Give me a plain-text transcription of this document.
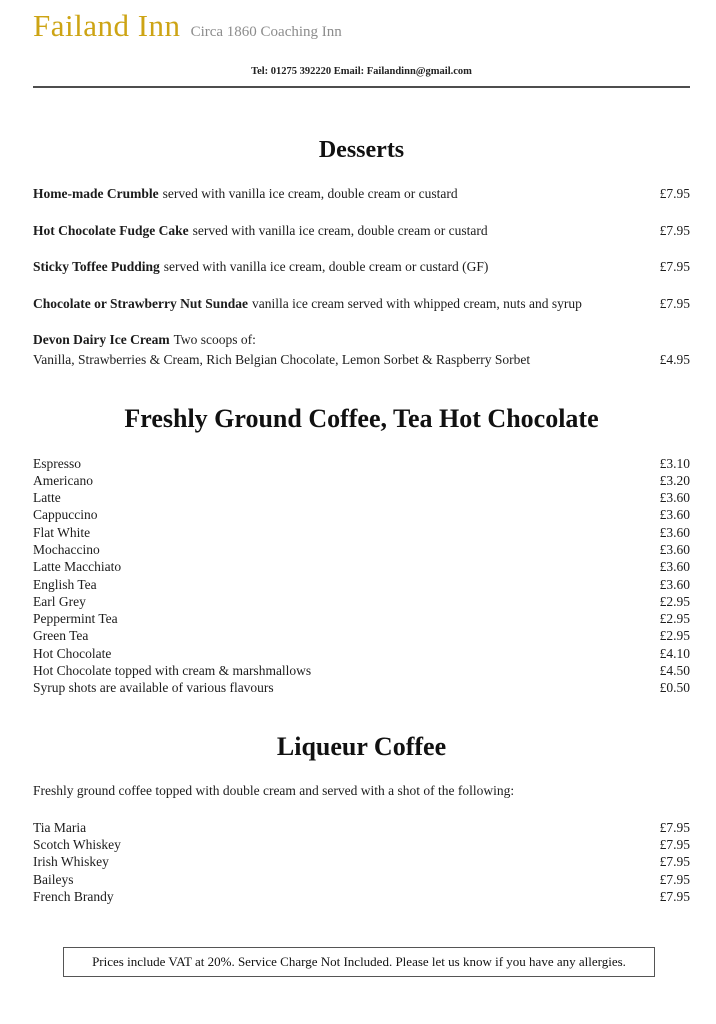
Failand Inn Circa 1860 Coaching Inn
Tel: 01275 392220 Email: Failandinn@gmail.com
Desserts
Home-made Crumble served with vanilla ice cream, double cream or custard	£7.95
Hot Chocolate Fudge Cake served with vanilla ice cream, double cream or custard	£7.95
Sticky Toffee Pudding served with vanilla ice cream, double cream or custard (GF)	£7.95
Chocolate or Strawberry Nut Sundae vanilla ice cream served with whipped cream, nuts and syrup	£7.95
Devon Dairy Ice Cream Two scoops of:
Vanilla, Strawberries & Cream, Rich Belgian Chocolate, Lemon Sorbet & Raspberry Sorbet	£4.95
Freshly Ground Coffee, Tea Hot Chocolate
Espresso	£3.10
Americano	£3.20
Latte	£3.60
Cappuccino	£3.60
Flat White	£3.60
Mochaccino	£3.60
Latte Macchiato	£3.60
English Tea	£3.60
Earl Grey	£2.95
Peppermint Tea	£2.95
Green Tea	£2.95
Hot Chocolate	£4.10
Hot Chocolate topped with cream & marshmallows	£4.50
Syrup shots are available of various flavours	£0.50
Liqueur Coffee
Freshly ground coffee topped with double cream and served with a shot of the following:
Tia Maria	£7.95
Scotch Whiskey	£7.95
Irish Whiskey	£7.95
Baileys	£7.95
French Brandy	£7.95
Prices include VAT at 20%. Service Charge Not Included. Please let us know if you have any allergies.
